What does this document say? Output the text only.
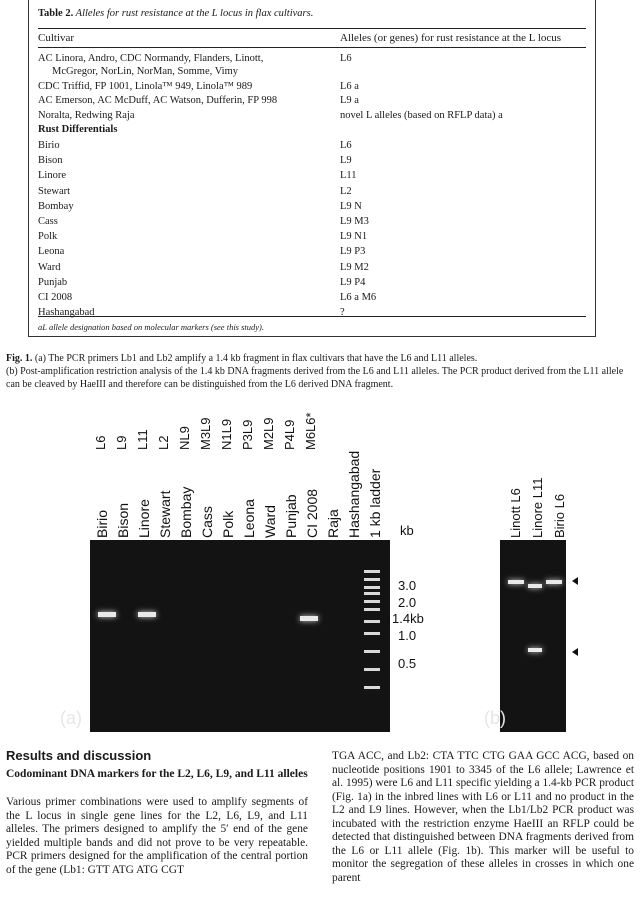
Table 2. Alleles for rust resistance at the L locus in flax cultivars.
Cultivar	Alleles (or genes) for rust resistance at the L locus
AC Linora, Andro, CDC Normandy, Flanders, Linott,	L6
McGregor, NorLin, NorMan, Somme, Vimy
CDC Triffid, FP 1001, Linola™ 949, Linola™ 989	L6 a
AC Emerson, AC McDuff, AC Watson, Dufferin, FP 998	L9 a
Noralta, Redwing Raja	novel L alleles (based on RFLP data) a
Rust Differentials
Birio	L6
Bison	L9
Linore	L11
Stewart	L2
Bombay	L9 N
Cass	L9 M3
Polk	L9 N1
Leona	L9 P3
Ward	L9 M2
Punjab	L9 P4
CI 2008	L6 a M6
Hashangabad	?
aL allele designation based on molecular markers (see this study).
Fig. 1. (a) The PCR primers Lb1 and Lb2 amplify a 1.4 kb fragment in flax cultivars that have the L6 and L11 alleles.
(b) Post-amplification restriction analysis of the 1.4 kb DNA fragments derived from the L6 and L11 alleles. The PCR product derived from the L11 allele can be cleaved by HaeIII and therefore can be distinguished from the L6 derived DNA fragment.
Birio Bison Linore Stewart Bombay Cass Polk Leona Ward Punjab CI 2008 Raja Hashangabad 1 kb ladder
L6 L9 L11 L2 NL9 M3L9 N1L9 P3L9 M2L9 P4L9 M6L6*
(a)
kb
3.0
2.0
1.4kb
1.0
0.5
Linott L6 Linore L11 Birio L6
(b)
Results and discussion
Codominant DNA markers for the L2, L6, L9, and L11 alleles
Various primer combinations were used to amplify segments of the L locus in single gene lines for the L2, L6, L9, and L11 alleles. The primers designed to amplify the 5′ end of the gene yielded multiple bands and did not prove to be very repeatable. PCR primers designed for the amplification of the central portion of the gene (Lb1: GTT ATG ATG CGT
TGA ACC, and Lb2: CTA TTC CTG GAA GCC ACG, based on nucleotide positions 1901 to 3345 of the L6 allele; Lawrence et al. 1995) were L6 and L11 specific yielding a 1.4-kb PCR product (Fig. 1a) in the inbred lines with L6 or L11 and no product in the L2 and L9 lines. However, when the Lb1/Lb2 PCR product was incubated with the restriction enzyme HaeIII an RFLP could be detected that distinguished between DNA fragments derived from the L6 or L11 allele (Fig. 1b). This marker will be useful to monitor the segregation of these alleles in crosses in which one parent
